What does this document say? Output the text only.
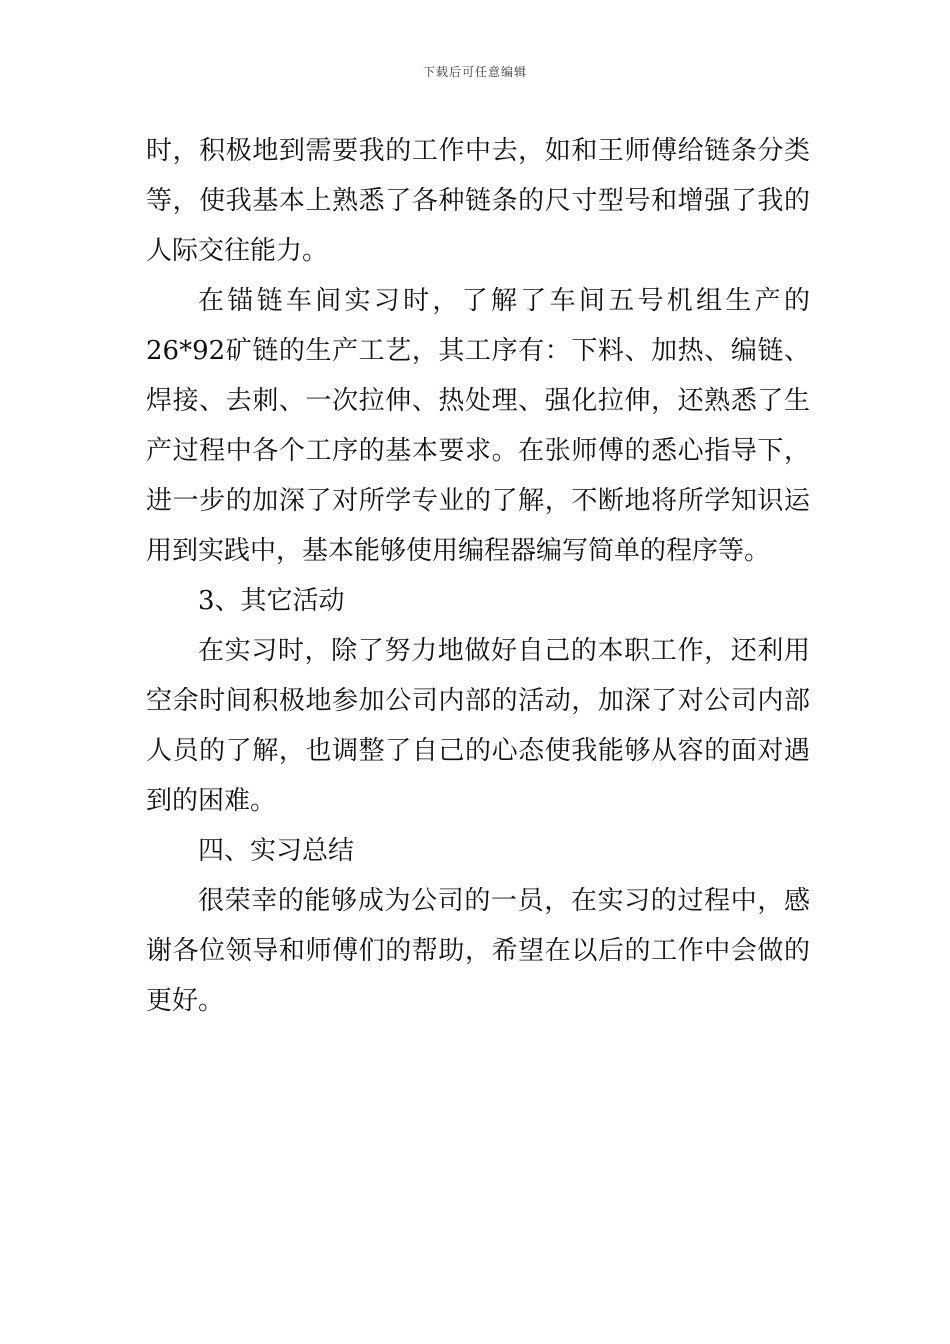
下载后可任意编辑

时，积极地到需要我的工作中去，如和王师傅给链条分类等，使我基本上熟悉了各种链条的尺寸型号和增强了我的人际交往能力。

在锚链车间实习时，了解了车间五号机组生产的26*92矿链的生产工艺，其工序有：下料、加热、编链、焊接、去刺、一次拉伸、热处理、强化拉伸，还熟悉了生产过程中各个工序的基本要求。在张师傅的悉心指导下，进一步的加深了对所学专业的了解，不断地将所学知识运用到实践中，基本能够使用编程器编写简单的程序等。

3、其它活动

在实习时，除了努力地做好自己的本职工作，还利用空余时间积极地参加公司内部的活动，加深了对公司内部人员的了解，也调整了自己的心态使我能够从容的面对遇到的困难。

四、实习总结

很荣幸的能够成为公司的一员，在实习的过程中，感谢各位领导和师傅们的帮助，希望在以后的工作中会做的更好。
